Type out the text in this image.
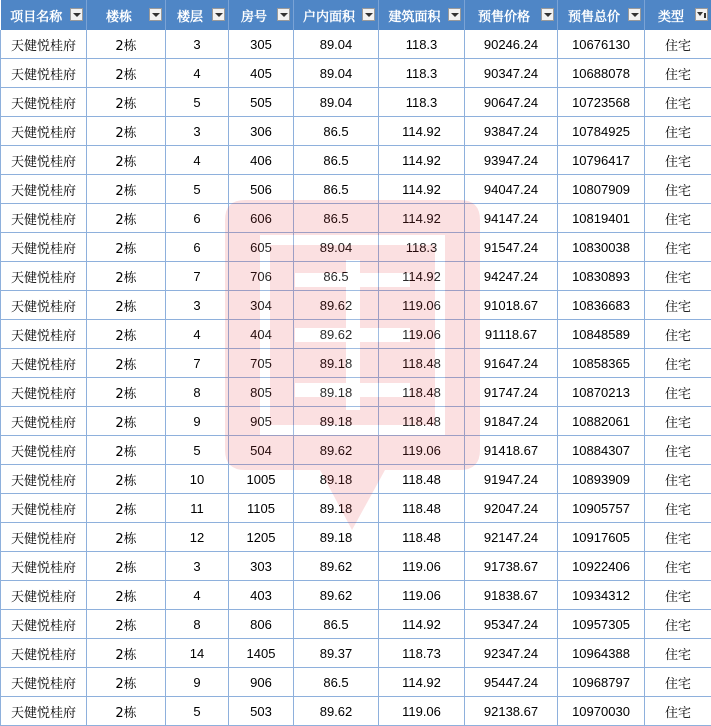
项目名称	楼栋	楼层	房号	户内面积	建筑面积	预售价格	预售总价	类型

天健悦桂府	2栋	3	305	89.04	118.3	90246.24	10676130	住宅
天健悦桂府	2栋	4	405	89.04	118.3	90347.24	10688078	住宅
天健悦桂府	2栋	5	505	89.04	118.3	90647.24	10723568	住宅
天健悦桂府	2栋	3	306	86.5	114.92	93847.24	10784925	住宅
天健悦桂府	2栋	4	406	86.5	114.92	93947.24	10796417	住宅
天健悦桂府	2栋	5	506	86.5	114.92	94047.24	10807909	住宅
天健悦桂府	2栋	6	606	86.5	114.92	94147.24	10819401	住宅
天健悦桂府	2栋	6	605	89.04	118.3	91547.24	10830038	住宅
天健悦桂府	2栋	7	706	86.5	114.92	94247.24	10830893	住宅
天健悦桂府	2栋	3	304	89.62	119.06	91018.67	10836683	住宅
天健悦桂府	2栋	4	404	89.62	119.06	91118.67	10848589	住宅
天健悦桂府	2栋	7	705	89.18	118.48	91647.24	10858365	住宅
天健悦桂府	2栋	8	805	89.18	118.48	91747.24	10870213	住宅
天健悦桂府	2栋	9	905	89.18	118.48	91847.24	10882061	住宅
天健悦桂府	2栋	5	504	89.62	119.06	91418.67	10884307	住宅
天健悦桂府	2栋	10	1005	89.18	118.48	91947.24	10893909	住宅
天健悦桂府	2栋	11	1105	89.18	118.48	92047.24	10905757	住宅
天健悦桂府	2栋	12	1205	89.18	118.48	92147.24	10917605	住宅
天健悦桂府	2栋	3	303	89.62	119.06	91738.67	10922406	住宅
天健悦桂府	2栋	4	403	89.62	119.06	91838.67	10934312	住宅
天健悦桂府	2栋	8	806	86.5	114.92	95347.24	10957305	住宅
天健悦桂府	2栋	14	1405	89.37	118.73	92347.24	10964388	住宅
天健悦桂府	2栋	9	906	86.5	114.92	95447.24	10968797	住宅
天健悦桂府	2栋	5	503	89.62	119.06	92138.67	10970030	住宅
